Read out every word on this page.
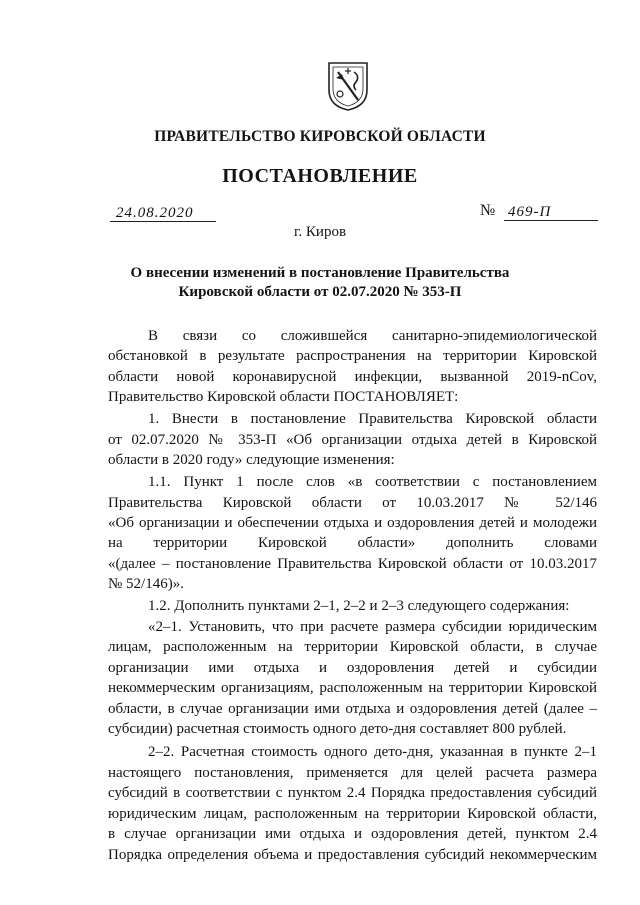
ПРАВИТЕЛЬСТВО КИРОВСКОЙ ОБЛАСТИ
ПОСТАНОВЛЕНИЕ
24.08.2020	№ 469-П
г. Киров
О внесении изменений в постановление Правительства
Кировской области от 02.07.2020 № 353-П
В связи со сложившейся санитарно-эпидемиологической
обстановкой в результате распространения на территории Кировской
области новой коронавирусной инфекции, вызванной 2019-nCov,
Правительство Кировской области ПОСТАНОВЛЯЕТ:
1. Внести в постановление Правительства Кировской области
от 02.07.2020 № 353-П «Об организации отдыха детей в Кировской
области в 2020 году» следующие изменения:
1.1. Пункт 1 после слов «в соответствии с постановлением
Правительства Кировской области от 10.03.2017 № 52/146
«Об организации и обеспечении отдыха и оздоровления детей и молодежи
на территории Кировской области» дополнить словами
«(далее – постановление Правительства Кировской области от 10.03.2017
№ 52/146)».
1.2. Дополнить пунктами 2–1, 2–2 и 2–3 следующего содержания:
«2–1. Установить, что при расчете размера субсидии юридическим
лицам, расположенным на территории Кировской области, в случае
организации ими отдыха и оздоровления детей и субсидии
некоммерческим организациям, расположенным на территории Кировской
области, в случае организации ими отдыха и оздоровления детей (далее –
субсидии) расчетная стоимость одного дето-дня составляет 800 рублей.
2–2. Расчетная стоимость одного дето-дня, указанная в пункте 2–1
настоящего постановления, применяется для целей расчета размера
субсидий в соответствии с пунктом 2.4 Порядка предоставления субсидий
юридическим лицам, расположенным на территории Кировской области,
в случае организации ими отдыха и оздоровления детей, пунктом 2.4
Порядка определения объема и предоставления субсидий некоммерческим
